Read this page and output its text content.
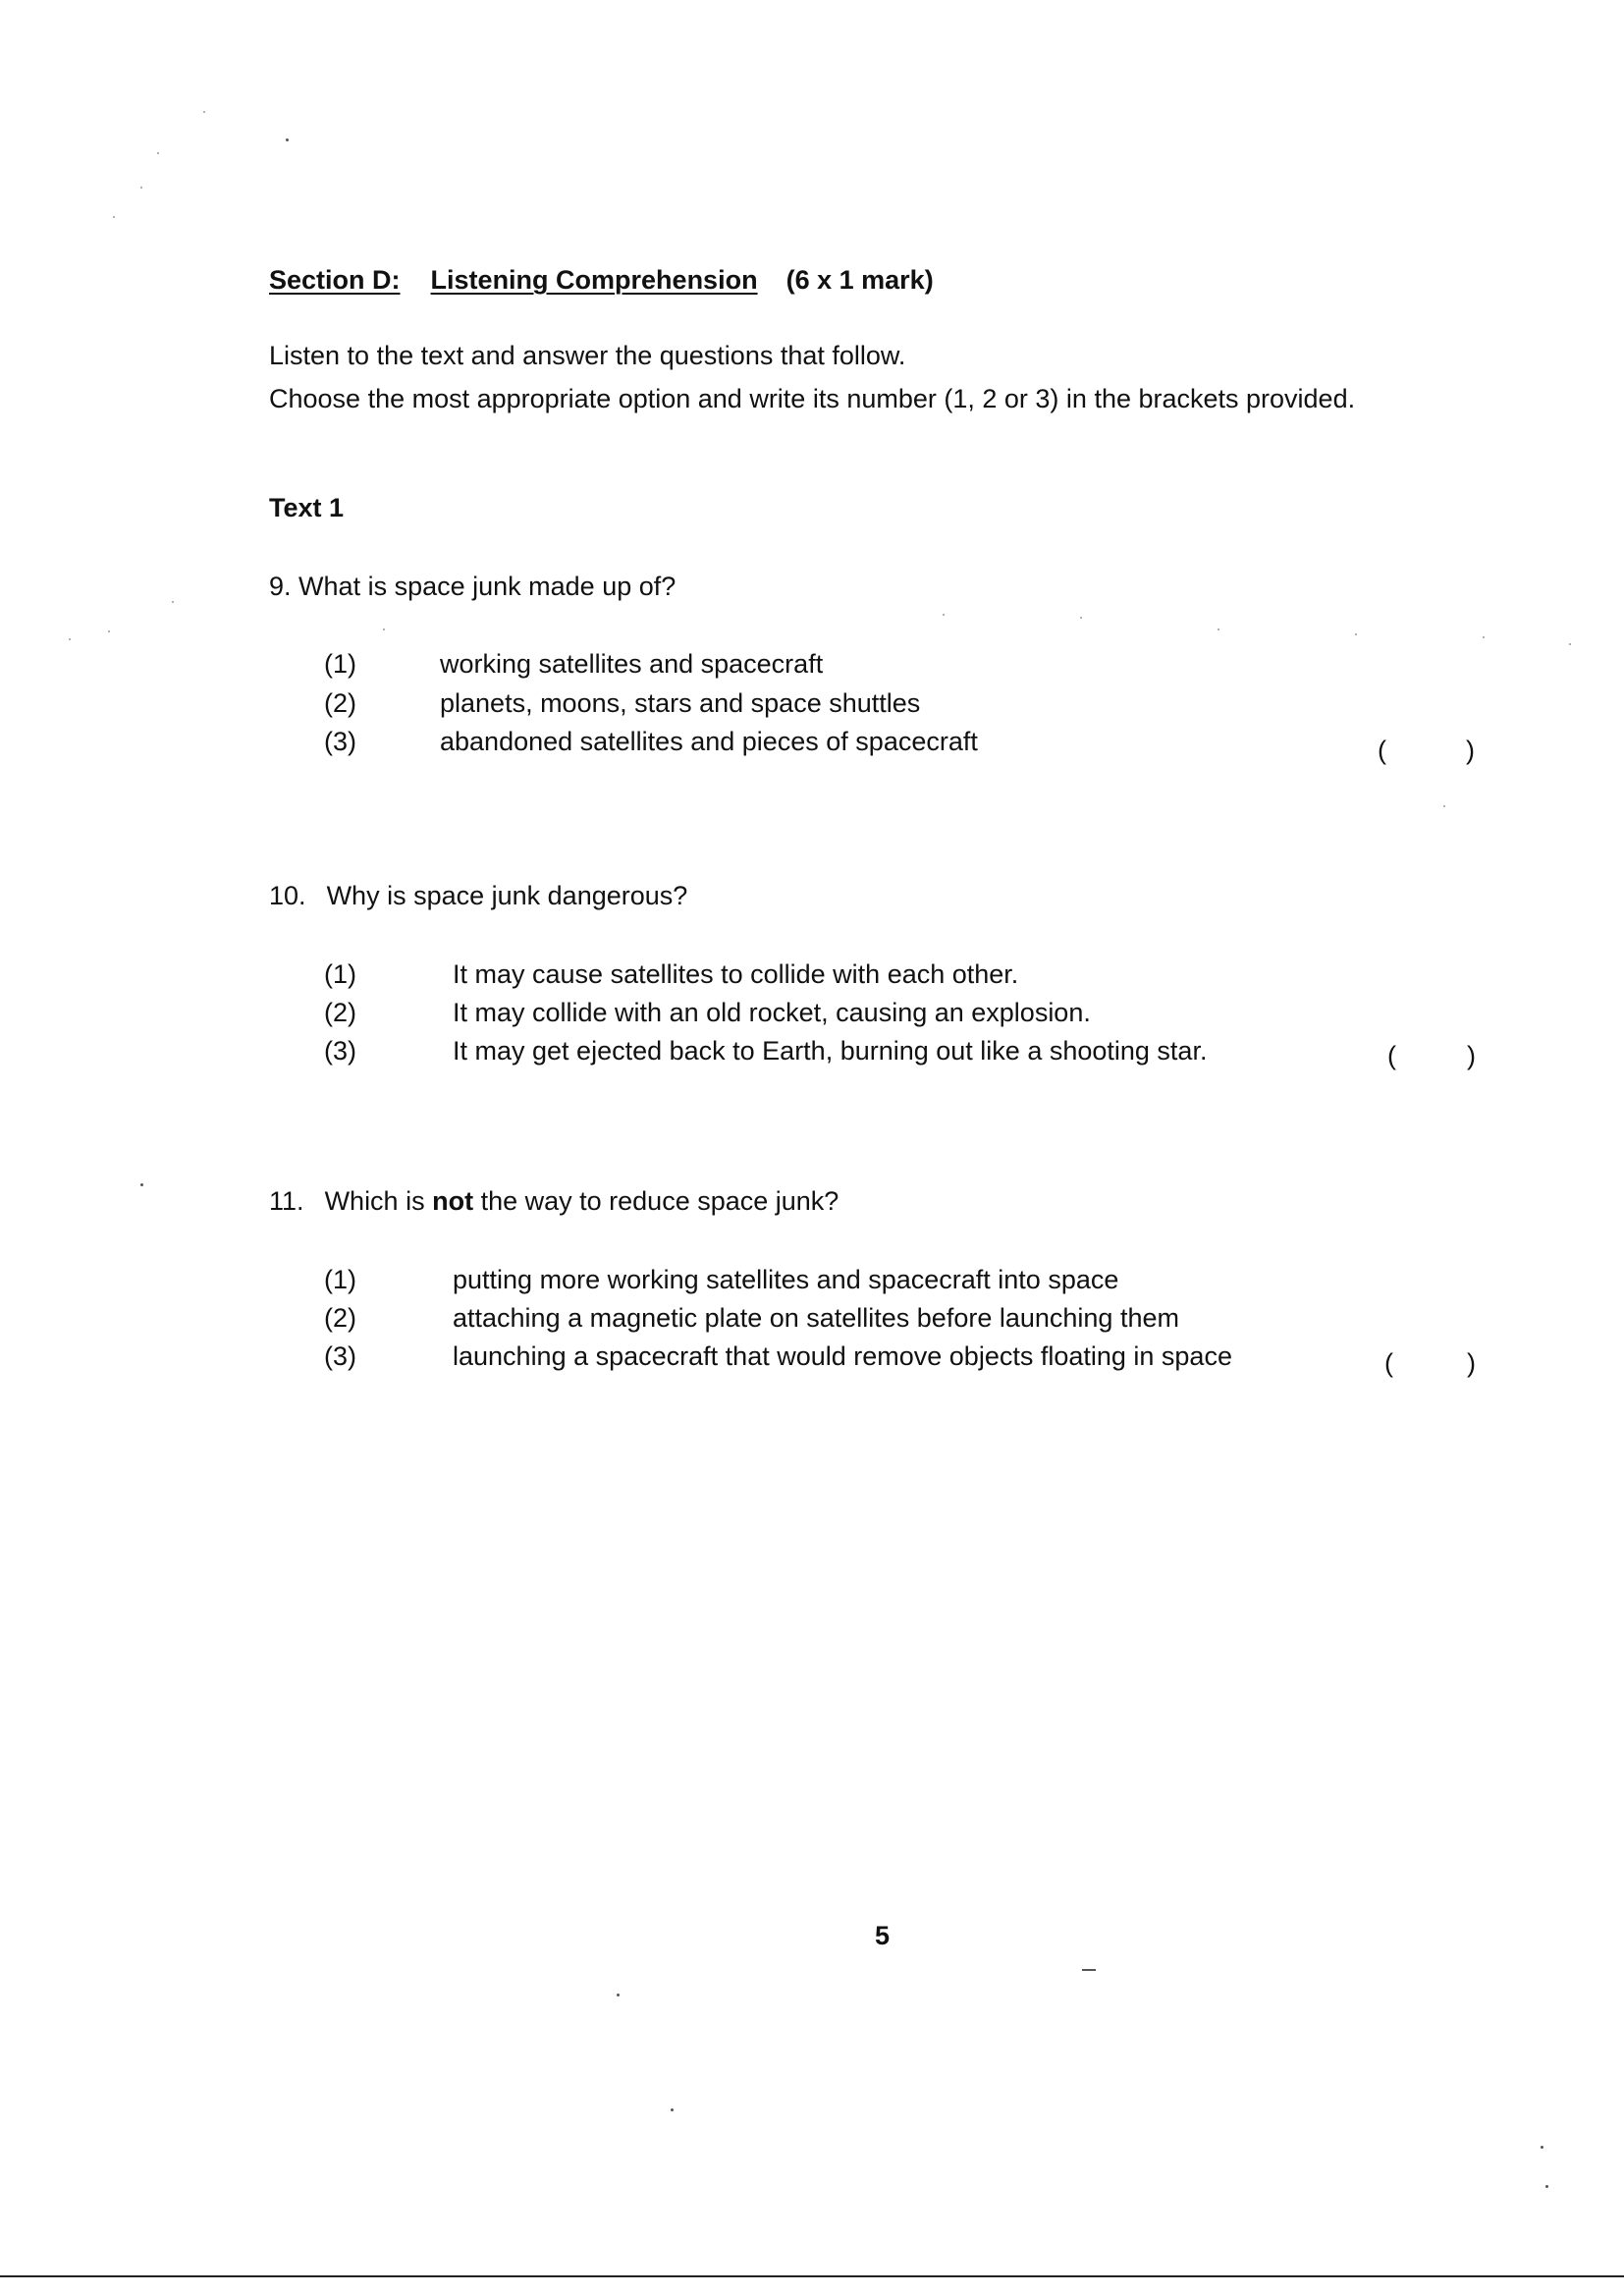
Section D: Listening Comprehension (6 x 1 mark)
Listen to the text and answer the questions that follow.
Choose the most appropriate option and write its number (1, 2 or 3) in the brackets provided.
Text 1
9. What is space junk made up of?
(1)	working satellites and spacecraft
(2)	planets, moons, stars and space shuttles
(3)	abandoned satellites and pieces of spacecraft	(	)
10. Why is space junk dangerous?
(1)	It may cause satellites to collide with each other.
(2)	It may collide with an old rocket, causing an explosion.
(3)	It may get ejected back to Earth, burning out like a shooting star.	(	)
11. Which is not the way to reduce space junk?
(1)	putting more working satellites and spacecraft into space
(2)	attaching a magnetic plate on satellites before launching them
(3)	launching a spacecraft that would remove objects floating in space	(	)
5
